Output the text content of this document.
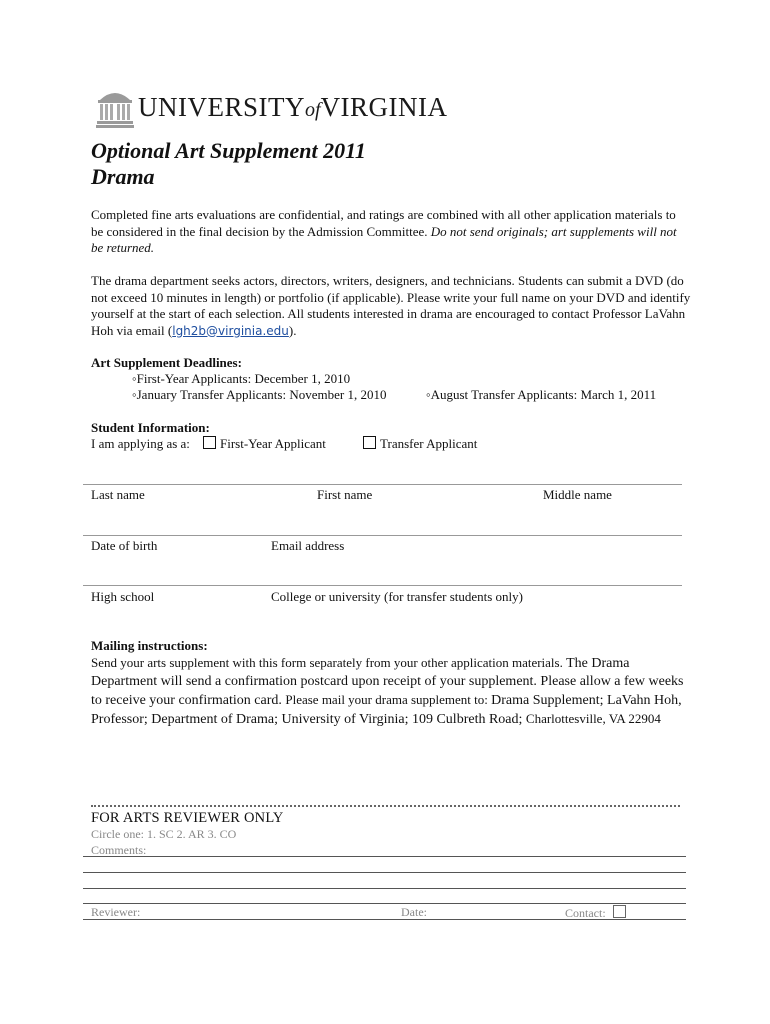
UNIVERSITYofVIRGINIA
Optional Art Supplement 2011
Drama
Completed fine arts evaluations are confidential, and ratings are combined with all other application materials to be considered in the final decision by the Admission Committee. Do not send originals; art supplements will not be returned.
The drama department seeks actors, directors, writers, designers, and technicians. Students can submit a DVD (do not exceed 10 minutes in length) or portfolio (if applicable). Please write your full name on your DVD and identify yourself at the start of each selection. All students interested in drama are encouraged to contact Professor LaVahn Hoh via email (lgh2b@virginia.edu).
Art Supplement Deadlines:
◦First-Year Applicants: December 1, 2010
◦January Transfer Applicants: November 1, 2010	◦August Transfer Applicants: March 1, 2011
Student Information:
I am applying as a:	First-Year Applicant	Transfer Applicant
Last name	First name	Middle name
Date of birth	Email address
High school	College or university (for transfer students only)
Mailing instructions:
Send your arts supplement with this form separately from your other application materials. The Drama Department will send a confirmation postcard upon receipt of your supplement. Please allow a few weeks to receive your confirmation card. Please mail your drama supplement to: Drama Supplement; LaVahn Hoh, Professor; Department of Drama; University of Virginia; 109 Culbreth Road; Charlottesville, VA 22904
FOR ARTS REVIEWER ONLY
Circle one: 1. SC 2. AR 3. CO
Comments:
Reviewer:	Date:	Contact:
